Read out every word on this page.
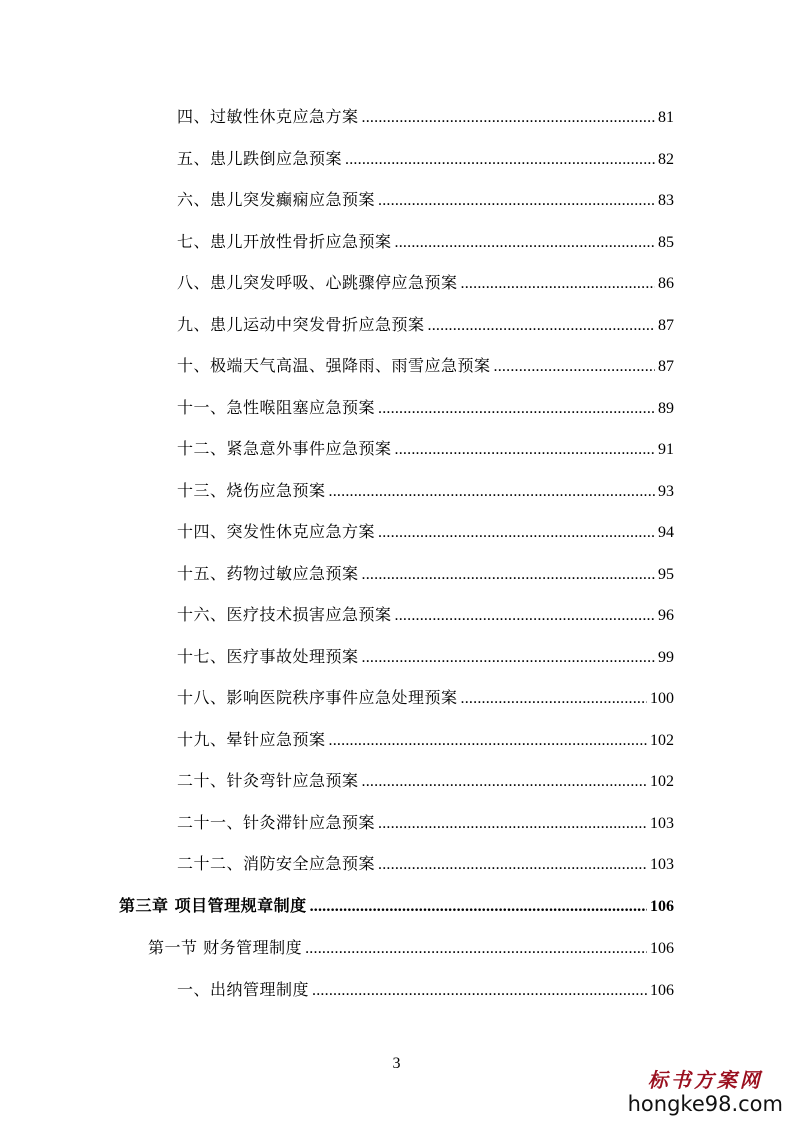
四、过敏性休克应急方案 .....	81
五、患儿跌倒应急预案 .....	82
六、患儿突发癫痫应急预案 .....	83
七、患儿开放性骨折应急预案 .....	85
八、患儿突发呼吸、心跳骤停应急预案 .....	86
九、患儿运动中突发骨折应急预案 .....	87
十、极端天气高温、强降雨、雨雪应急预案 .....	87
十一、急性喉阻塞应急预案 .....	89
十二、紧急意外事件应急预案 .....	91
十三、烧伤应急预案 .....	93
十四、突发性休克应急方案 .....	94
十五、药物过敏应急预案 .....	95
十六、医疗技术损害应急预案 .....	96
十七、医疗事故处理预案 .....	99
十八、影响医院秩序事件应急处理预案 .....	100
十九、晕针应急预案 .....	102
二十、针灸弯针应急预案 .....	102
二十一、针灸滞针应急预案 .....	103
二十二、消防安全应急预案 .....	103
第三章 项目管理规章制度 .....	106
第一节 财务管理制度 .....	106
一、出纳管理制度 .....	106
3
标书方案网
hongke98.com
